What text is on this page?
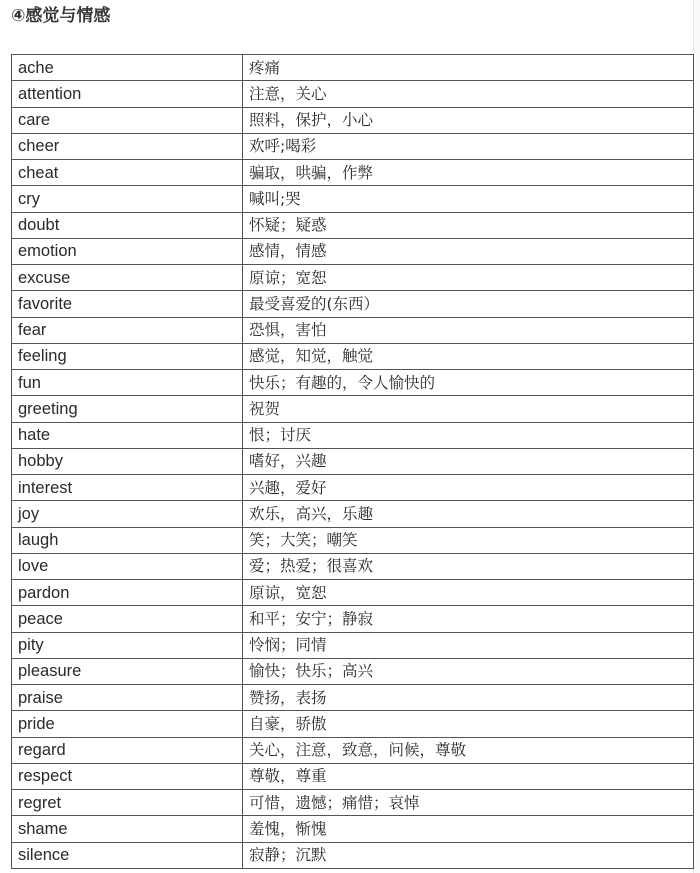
④感觉与情感
ache	疼痛
attention	注意，关心
care	照料，保护，小心
cheer	欢呼;喝彩
cheat	骗取，哄骗，作弊
cry	喊叫;哭
doubt	怀疑；疑惑
emotion	感情，情感
excuse	原谅；宽恕
favorite	最受喜爱的(东西）
fear	恐惧，害怕
feeling	感觉，知觉，触觉
fun	快乐；有趣的，令人愉快的
greeting	祝贺
hate	恨；讨厌
hobby	嗜好，兴趣
interest	兴趣，爱好
joy	欢乐，高兴，乐趣
laugh	笑；大笑；嘲笑
love	爱；热爱；很喜欢
pardon	原谅，宽恕
peace	和平；安宁；静寂
pity	怜悯；同情
pleasure	愉快；快乐；高兴
praise	赞扬，表扬
pride	自豪，骄傲
regard	关心，注意，致意，问候，尊敬
respect	尊敬，尊重
regret	可惜，遗憾；痛惜；哀悼
shame	羞愧，惭愧
silence	寂静；沉默
